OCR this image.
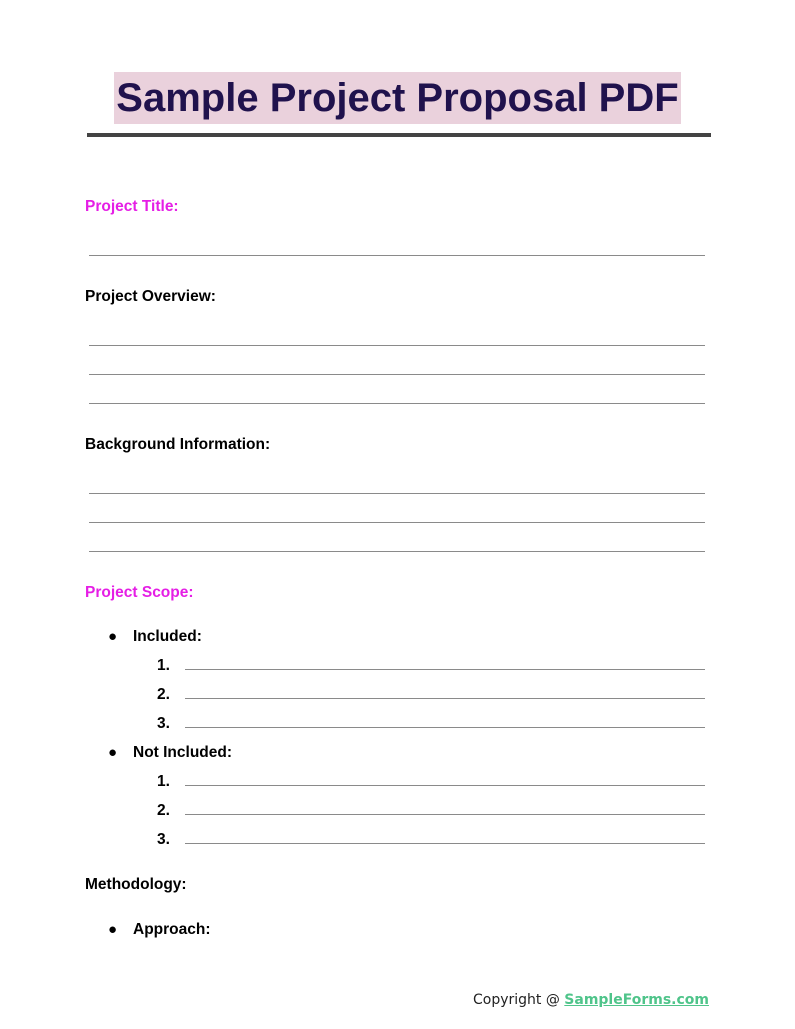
Sample Project Proposal PDF
Project Title:
Project Overview:
Background Information:
Project Scope:
● Included:
1.
2.
3.
● Not Included:
1.
2.
3.
Methodology:
● Approach:
Copyright @ SampleForms.com
